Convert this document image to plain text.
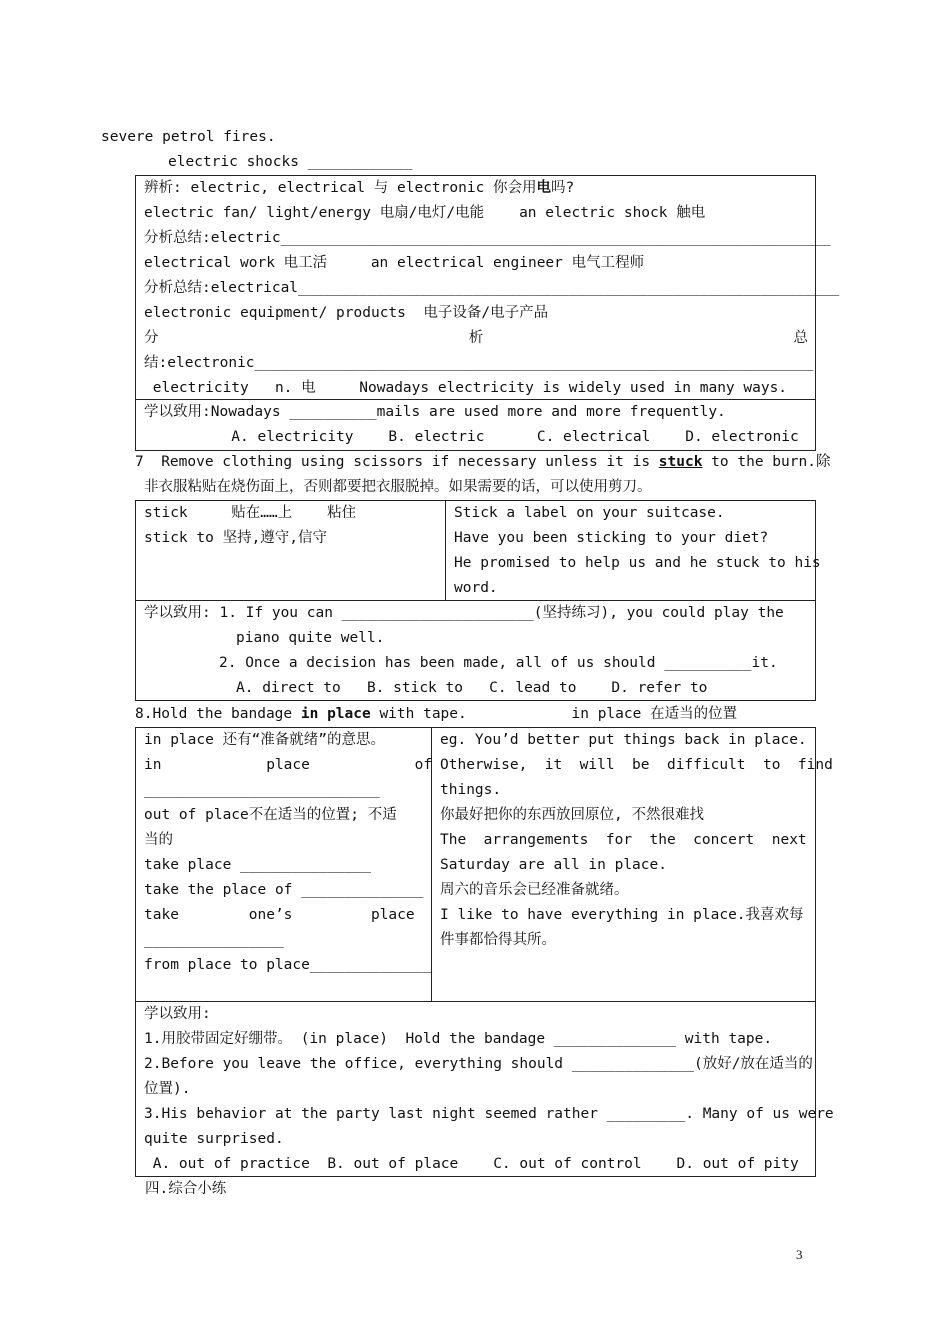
severe petrol fires.
electric shocks ____________
辨析: electric, electrical 与 electronic 你会用电吗?
electric fan/ light/energy 电扇/电灯/电能    an electric shock 触电
分析总结:electric_______________________________________________________________
electrical work 电工活     an electrical engineer 电气工程师
分析总结:electrical______________________________________________________________
electronic equipment/ products  电子设备/电子产品
分	析	总
结:electronic________________________________________________________________
electricity   n. 电     Nowadays electricity is widely used in many ways.
学以致用:Nowadays __________mails are used more and more frequently.
A. electricity    B. electric      C. electrical    D. electronic
7  Remove clothing using scissors if necessary unless it is stuck to the burn.除
非衣服粘贴在烧伤面上，否则都要把衣服脱掉。如果需要的话，可以使用剪刀。
stick     贴在……上    粘住
stick to 坚持,遵守,信守
Stick a label on your suitcase.
Have you been sticking to your diet?
He promised to help us and he stuck to his
word.
学以致用: 1. If you can ______________________(坚持练习), you could play the
piano quite well.
2. Once a decision has been made, all of us should __________it.
A. direct to   B. stick to   C. lead to    D. refer to
8.Hold the bandage in place with tape.            in place 在适当的位置
in place 还有“准备就绪”的意思。
in            place            of
___________________________
out of place不在适当的位置; 不适
当的
take place _______________
take the place of ______________
take        one’s         place
________________
from place to place______________
eg. You’d better put things back in place.
Otherwise,  it  will  be  difficult  to  find
things.
你最好把你的东西放回原位, 不然很难找
The  arrangements  for  the  concert  next
Saturday are all in place.
周六的音乐会已经准备就绪。
I like to have everything in place.我喜欢每
件事都恰得其所。
学以致用:
1.用胶带固定好绷带。 (in place)  Hold the bandage ______________ with tape.
2.Before you leave the office, everything should ______________(放好/放在适当的
位置).
3.His behavior at the party last night seemed rather _________. Many of us were
quite surprised.
A. out of practice  B. out of place    C. out of control    D. out of pity
四.综合小练
3
